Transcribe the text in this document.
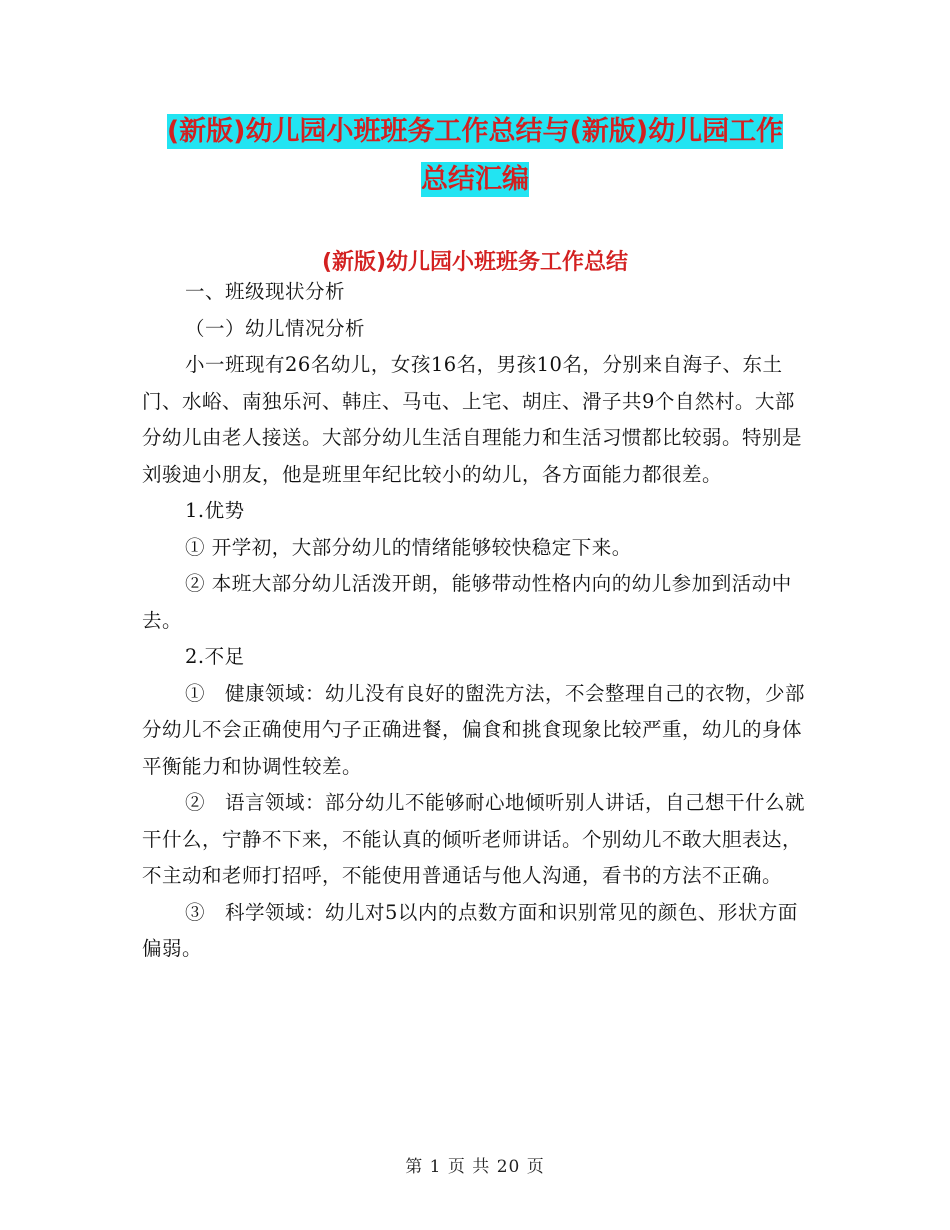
(新版)幼儿园小班班务工作总结与(新版)幼儿园工作
总结汇编
(新版)幼儿园小班班务工作总结

一、班级现状分析

（一）幼儿情况分析

小一班现有26名幼儿，女孩16名，男孩10名，分别来自海子、东土门、水峪、南独乐河、韩庄、马屯、上宅、胡庄、滑子共9个自然村。大部分幼儿由老人接送。大部分幼儿生活自理能力和生活习惯都比较弱。特别是刘骏迪小朋友，他是班里年纪比较小的幼儿，各方面能力都很差。

1.优势

① 开学初，大部分幼儿的情绪能够较快稳定下来。

② 本班大部分幼儿活泼开朗，能够带动性格内向的幼儿参加到活动中去。

2.不足

①　健康领域：幼儿没有良好的盥洗方法，不会整理自己的衣物，少部分幼儿不会正确使用勺子正确进餐，偏食和挑食现象比较严重，幼儿的身体平衡能力和协调性较差。

②　语言领域：部分幼儿不能够耐心地倾听别人讲话，自己想干什么就干什么，宁静不下来，不能认真的倾听老师讲话。个别幼儿不敢大胆表达，不主动和老师打招呼，不能使用普通话与他人沟通，看书的方法不正确。

③　科学领域：幼儿对5以内的点数方面和识别常见的颜色、形状方面偏弱。

第 1 页 共 20 页
